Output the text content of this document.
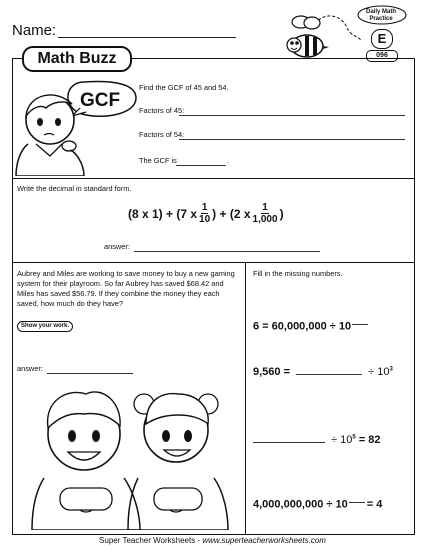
Name:
Daily Math Practice
E
096
Math Buzz
Find the GCF of 45 and 54.
Factors of 45:
Factors of 54:
The GCF is	.
Write the decimal in standard form.
(8 x 1) + (7 x $\frac{1}{10}$ ) + (2 x $\frac{1}{1,000}$ )
answer:
Aubrey and Miles are working to save money to buy a new gaming system for their playroom. So far Aubrey has saved $68.42 and Miles has saved $56.79. If they combine the money they each saved, how much do they have?
Show your work.
answer:
Fill in the missing numbers.
6 = 60,000,000 ÷ 10
9,560 =	÷ $10^3$
÷ $10^5 = 82$
4,000,000,000 ÷ 10 = 4
Super Teacher Worksheets - www.superteacherworksheets.com
GCF
